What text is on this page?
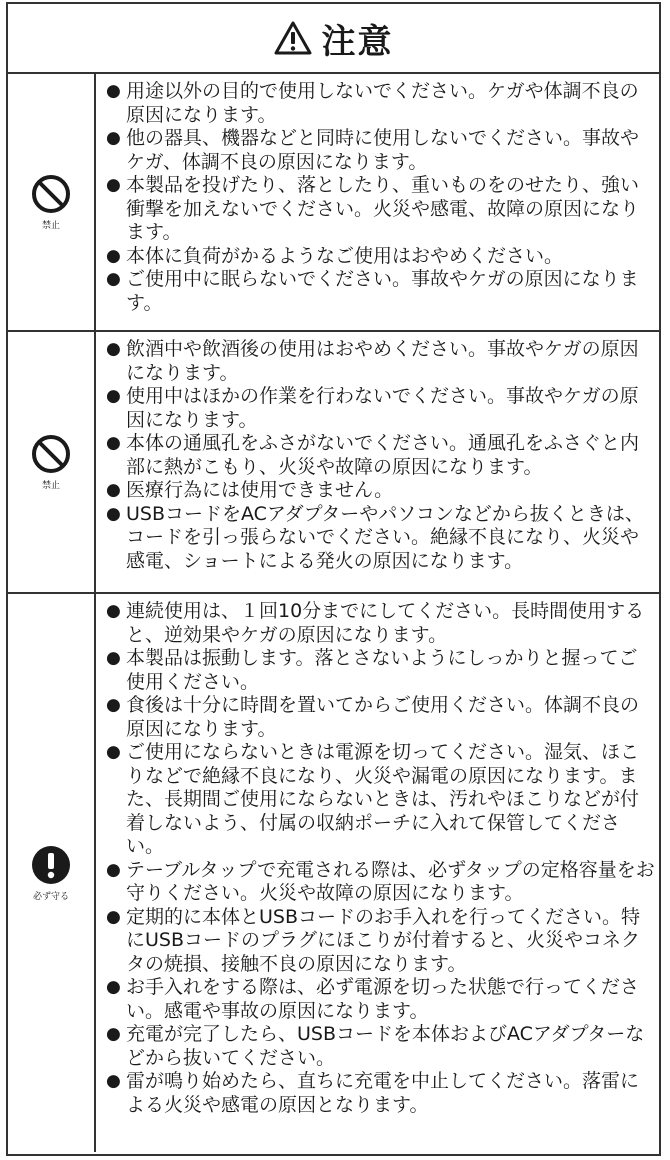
注意
禁止
● 用途以外の目的で使用しないでください。ケガや体調不良の原因になります。
● 他の器具、機器などと同時に使用しないでください。事故やケガ、体調不良の原因になります。
● 本製品を投げたり、落としたり、重いものをのせたり、強い衝撃を加えないでください。火災や感電、故障の原因になります。
● 本体に負荷がかるようなご使用はおやめください。
● ご使用中に眠らないでください。事故やケガの原因になります。
禁止
● 飲酒中や飲酒後の使用はおやめください。事故やケガの原因になります。
● 使用中はほかの作業を行わないでください。事故やケガの原因になります。
● 本体の通風孔をふさがないでください。通風孔をふさぐと内部に熱がこもり、火災や故障の原因になります。
● 医療行為には使用できません。
● USBコードをACアダプターやパソコンなどから抜くときは、コードを引っ張らないでください。絶縁不良になり、火災や感電、ショートによる発火の原因になります。
必ず守る
● 連続使用は、１回10分までにしてください。長時間使用すると、逆効果やケガの原因になります。
● 本製品は振動します。落とさないようにしっかりと握ってご使用ください。
● 食後は十分に時間を置いてからご使用ください。体調不良の原因になります。
● ご使用にならないときは電源を切ってください。湿気、ほこりなどで絶縁不良になり、火災や漏電の原因になります。また、長期間ご使用にならないときは、汚れやほこりなどが付着しないよう、付属の収納ポーチに入れて保管してください。
● テーブルタップで充電される際は、必ずタップの定格容量をお守りください。火災や故障の原因になります。
● 定期的に本体とUSBコードのお手入れを行ってください。特にUSBコードのプラグにほこりが付着すると、火災やコネクタの焼損、接触不良の原因になります。
● お手入れをする際は、必ず電源を切った状態で行ってください。感電や事故の原因になります。
● 充電が完了したら、USBコードを本体およびACアダプターなどから抜いてください。
● 雷が鳴り始めたら、直ちに充電を中止してください。落雷による火災や感電の原因となります。
